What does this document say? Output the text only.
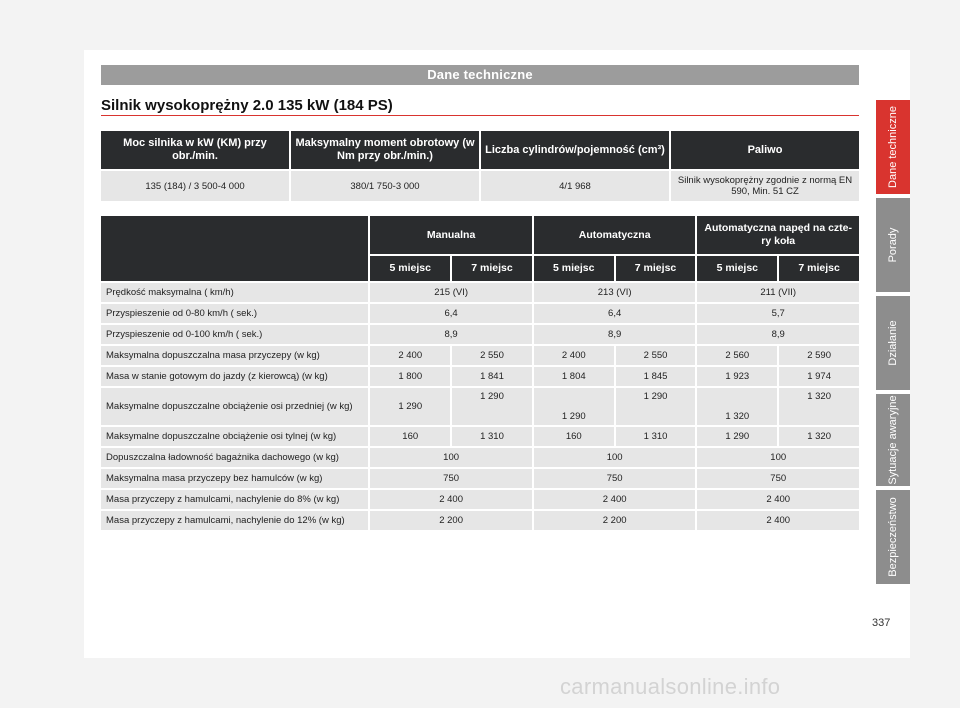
Dane techniczne
Silnik wysokoprężny 2.0 135 kW (184 PS)
Moc silnika w kW (KM) przy obr./min.	Maksymalny moment obrotowy (w Nm przy obr./min.)	Liczba cylindrów/pojemność (cm³)	Paliwo
135 (184) / 3 500-4 000	380/1 750-3 000	4/1 968	Silnik wysokoprężny zgodnie z normą EN 590, Min. 51 CZ
	Manualna		Automatyczna		Automatyczna napęd na czte-ry koła	
	5 miejsc	7 miejsc	5 miejsc	7 miejsc	5 miejsc	7 miejsc
Prędkość maksymalna ( km/h)	215 (VI)		213 (VI)		211 (VII)	
Przyspieszenie od 0-80 km/h ( sek.)	6,4		6,4		5,7	
Przyspieszenie od 0-100 km/h ( sek.)	8,9		8,9		8,9	
Maksymalna dopuszczalna masa przyczepy (w kg)	2 400	2 550	2 400	2 550	2 560	2 590
Masa w stanie gotowym do jazdy (z kierowcą) (w kg)	1 800	1 841	1 804	1 845	1 923	1 974
Maksymalne dopuszczalne obciążenie osi przedniej (w kg)	1 290	1 290	1 290	1 290	1 320	1 320
Maksymalne dopuszczalne obciążenie osi tylnej (w kg)	160	1 310	160	1 310	1 290	1 320
Dopuszczalna ładowność bagażnika dachowego (w kg)	100		100		100	
Maksymalna masa przyczepy bez hamulców (w kg)	750		750		750	
Masa przyczepy z hamulcami, nachylenie do 8% (w kg)	2 400		2 400		2 400	
Masa przyczepy z hamulcami, nachylenie do 12% (w kg)	2 200		2 200		2 400	
Dane techniczne
Porady
Działanie
Sytuacje awaryjne
Bezpieczeństwo
337
carmanualsonline.info
